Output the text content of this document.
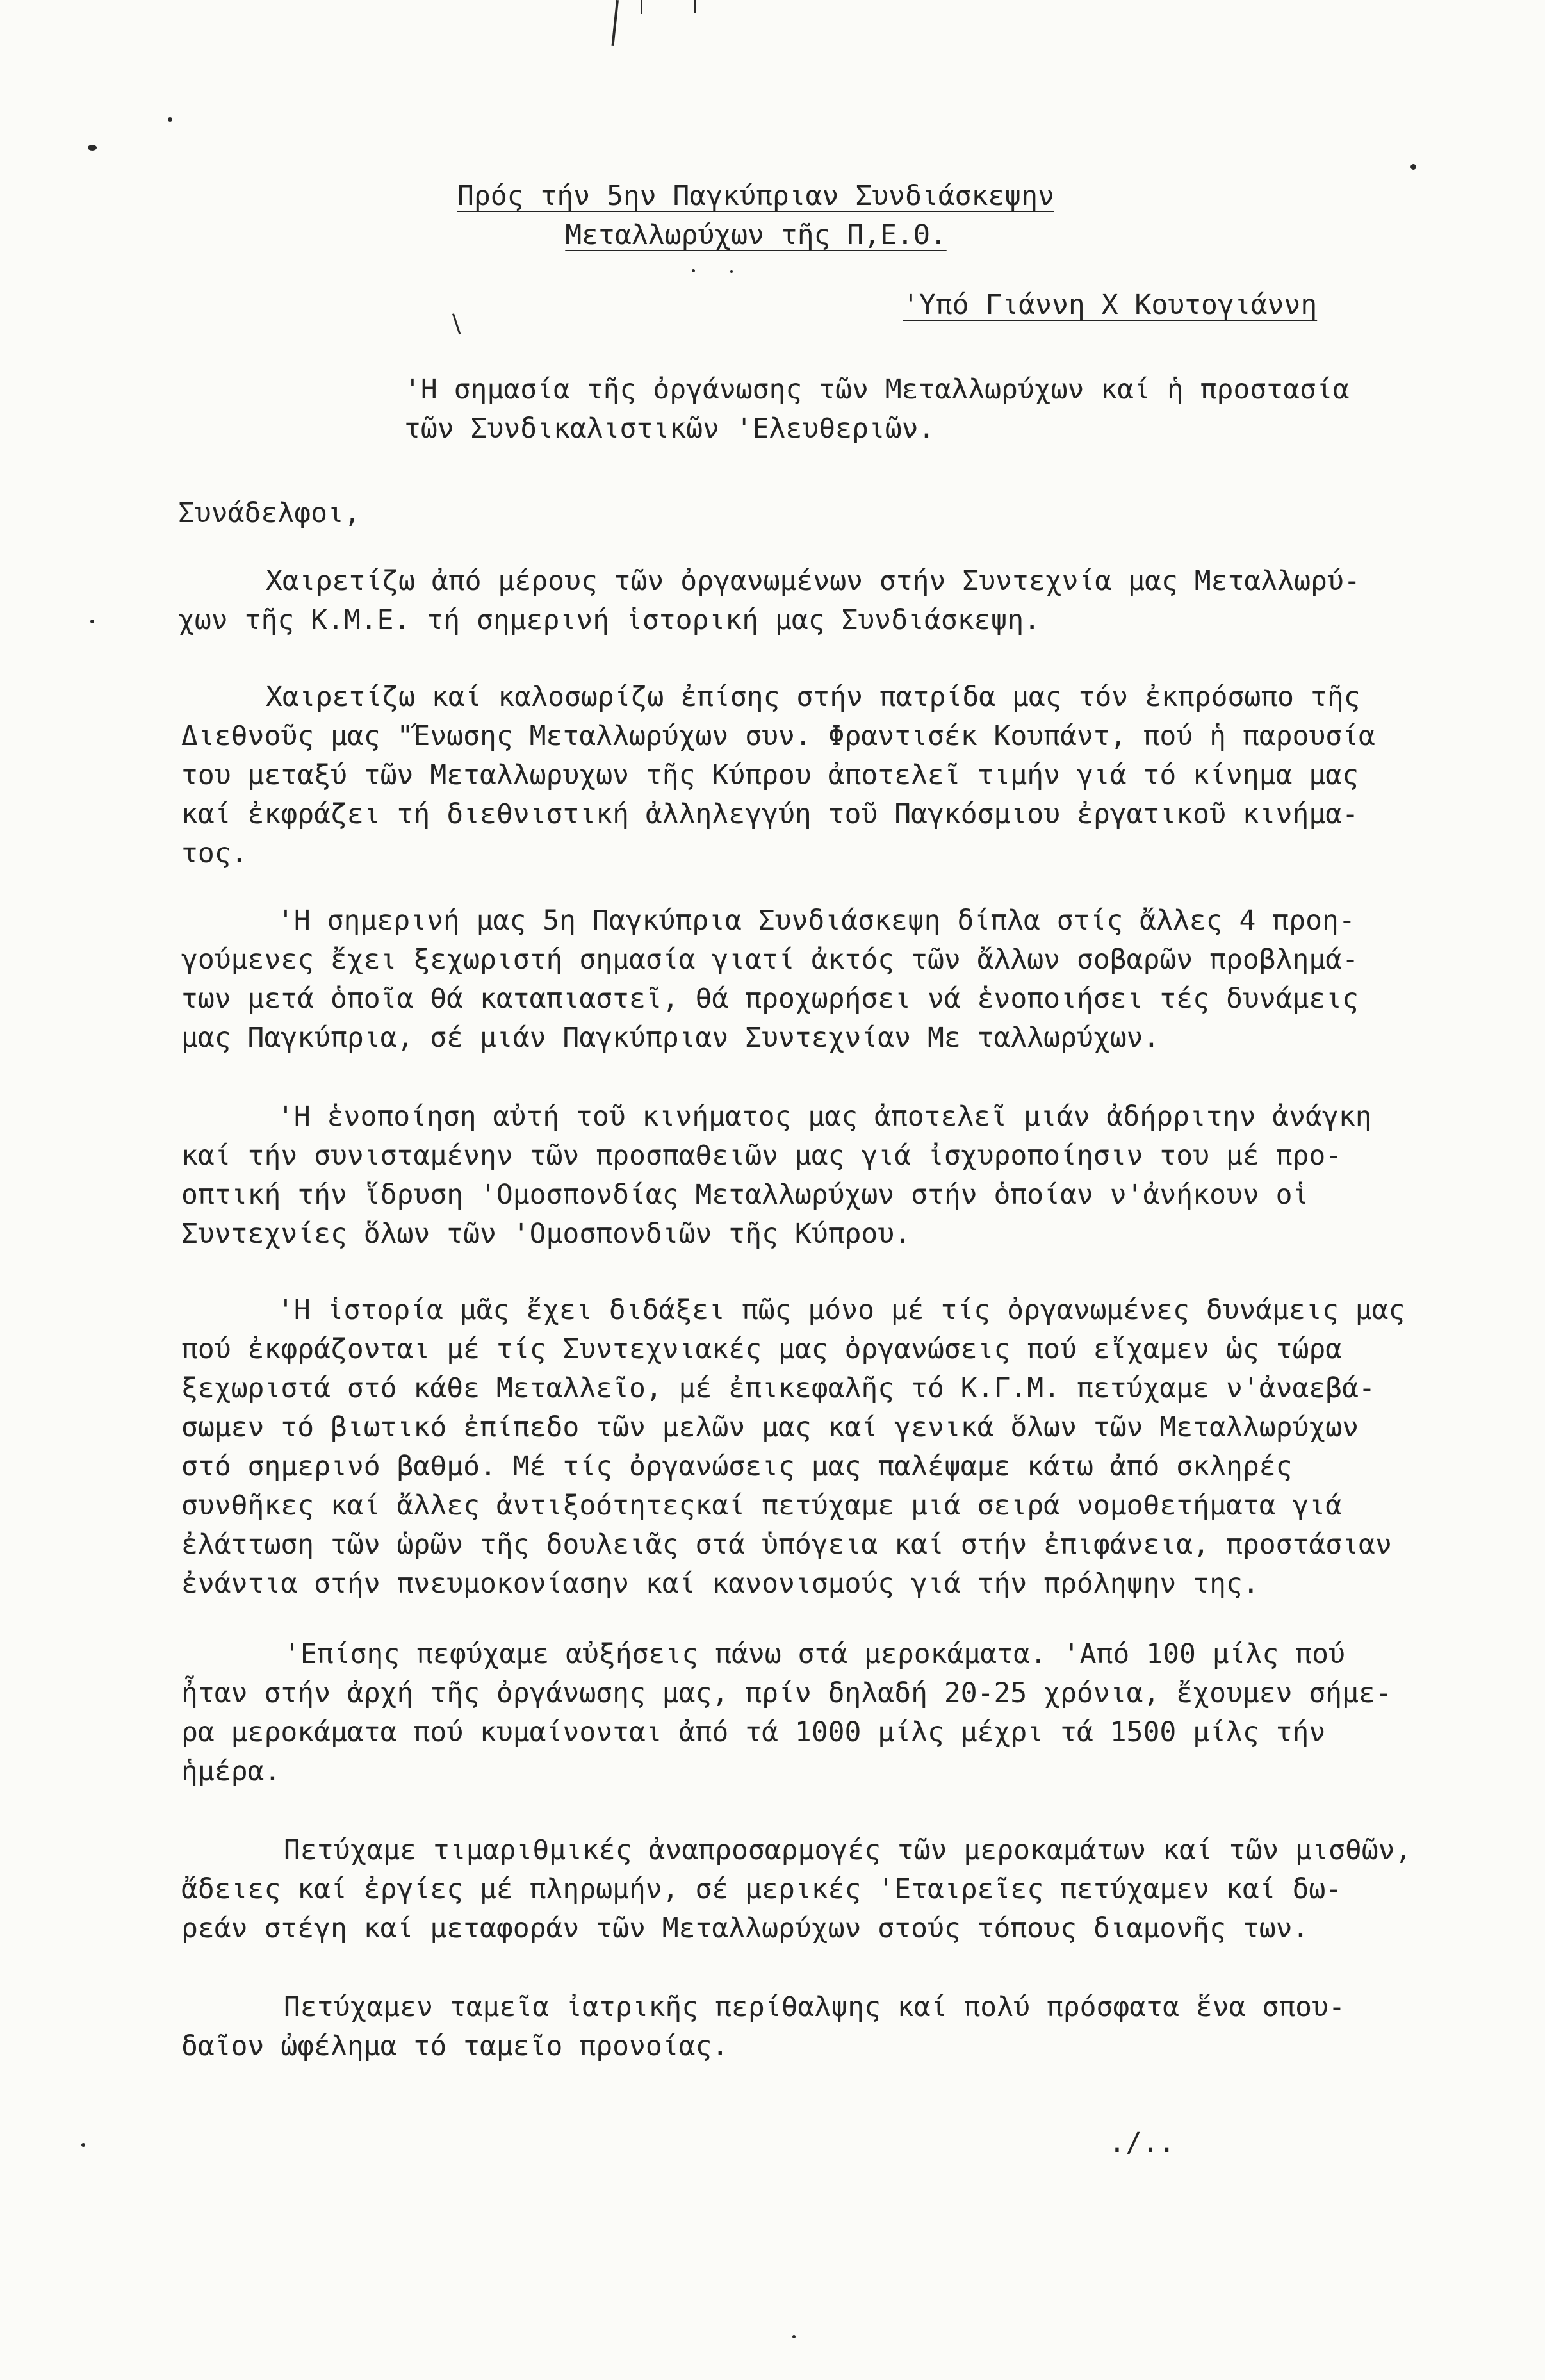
Πρός τήν 5ην Παγκύπριαν Συνδιάσκεψην
Μεταλλωρύχων τῆς Π,Ε.Θ.
'Υπό Γιάννη Χ Κουτογιάννη
'Η σημασία τῆς ὀργάνωσης τῶν Μεταλλωρύχων καί ἡ προστασία
τῶν Συνδικαλιστικῶν 'Ελευθεριῶν.
Συνάδελφοι,
Χαιρετίζω ἀπό μέρους τῶν ὀργανωμένων στήν Συντεχνία μας Μεταλλωρύ-
χων τῆς Κ.Μ.Ε. τή σημερινή ἱστορική μας Συνδιάσκεψη.
Χαιρετίζω καί καλοσωρίζω ἐπίσης στήν πατρίδα μας τόν ἐκπρόσωπο τῆς
Διεθνοῦς μας "Ένωσης Μεταλλωρύχων συν. Φραντισέκ Κουπάντ, πού ἡ παρουσία
του μεταξύ τῶν Μεταλλωρυχων τῆς Κύπρου ἀποτελεῖ τιμήν γιά τό κίνημα μας
καί ἐκφράζει τή διεθνιστική ἀλληλεγγύη τοῦ Παγκόσμιου ἐργατικοῦ κινήμα-
τος.
'Η σημερινή μας 5η Παγκύπρια Συνδιάσκεψη δίπλα στίς ἄλλες 4 προη-
γούμενες ἔχει ξεχωριστή σημασία γιατί ἀκτός τῶν ἄλλων σοβαρῶν προβλημά-
των μετά ὁποῖα θά καταπιαστεῖ, θά προχωρήσει νά ἑνοποιήσει τές δυνάμεις
μας Παγκύπρια, σέ μιάν Παγκύπριαν Συντεχνίαν Με ταλλωρύχων.
'Η ἑνοποίηση αὐτή τοῦ κινήματος μας ἀποτελεῖ μιάν ἀδήρριτην ἀνάγκη
καί τήν συνισταμένην τῶν προσπαθειῶν μας γιά ἰσχυροποίησιν του μέ προ-
οπτική τήν ἵδρυση 'Ομοσπονδίας Μεταλλωρύχων στήν ὁποίαν ν'ἀνήκουν οἱ
Συντεχνίες ὅλων τῶν 'Ομοσπονδιῶν τῆς Κύπρου.
'Η ἱστορία μᾶς ἔχει διδάξει πῶς μόνο μέ τίς ὀργανωμένες δυνάμεις μας
πού ἐκφράζονται μέ τίς Συντεχνιακές μας ὀργανώσεις πού εἴχαμεν ὡς τώρα
ξεχωριστά στό κάθε Μεταλλεῖο, μέ ἐπικεφαλῆς τό Κ.Γ.Μ. πετύχαμε ν'ἀναεβά-
σωμεν τό βιωτικό ἐπίπεδο τῶν μελῶν μας καί γενικά ὅλων τῶν Μεταλλωρύχων
στό σημερινό βαθμό. Μέ τίς ὀργανώσεις μας παλέψαμε κάτω ἀπό σκληρές
συνθῆκες καί ἄλλες ἀντιξοότητεςκαί πετύχαμε μιά σειρά νομοθετήματα γιά
ἐλάττωση τῶν ὡρῶν τῆς δουλειᾶς στά ὑπόγεια καί στήν ἐπιφάνεια, προστάσιαν
ἐνάντια στήν πνευμοκονίασην καί κανονισμούς γιά τήν πρόληψην της.
'Επίσης πεφύχαμε αὐξήσεις πάνω στά μεροκάματα. 'Από 100 μίλς πού
ἦταν στήν ἀρχή τῆς ὀργάνωσης μας, πρίν δηλαδή 20-25 χρόνια, ἔχουμεν σήμε-
ρα μεροκάματα πού κυμαίνονται ἀπό τά 1000 μίλς μέχρι τά 1500 μίλς τήν
ἡμέρα.
Πετύχαμε τιμαριθμικές ἀναπροσαρμογές τῶν μεροκαμάτων καί τῶν μισθῶν,
ἄδειες καί ἐργίες μέ πληρωμήν, σέ μερικές 'Εταιρεῖες πετύχαμεν καί δω-
ρεάν στέγη καί μεταφοράν τῶν Μεταλλωρύχων στούς τόπους διαμονῆς των.
Πετύχαμεν ταμεῖα ἰατρικῆς περίθαλψης καί πολύ πρόσφατα ἕνα σπου-
δαῖον ὠφέλημα τό ταμεῖο προνοίας.
./..
